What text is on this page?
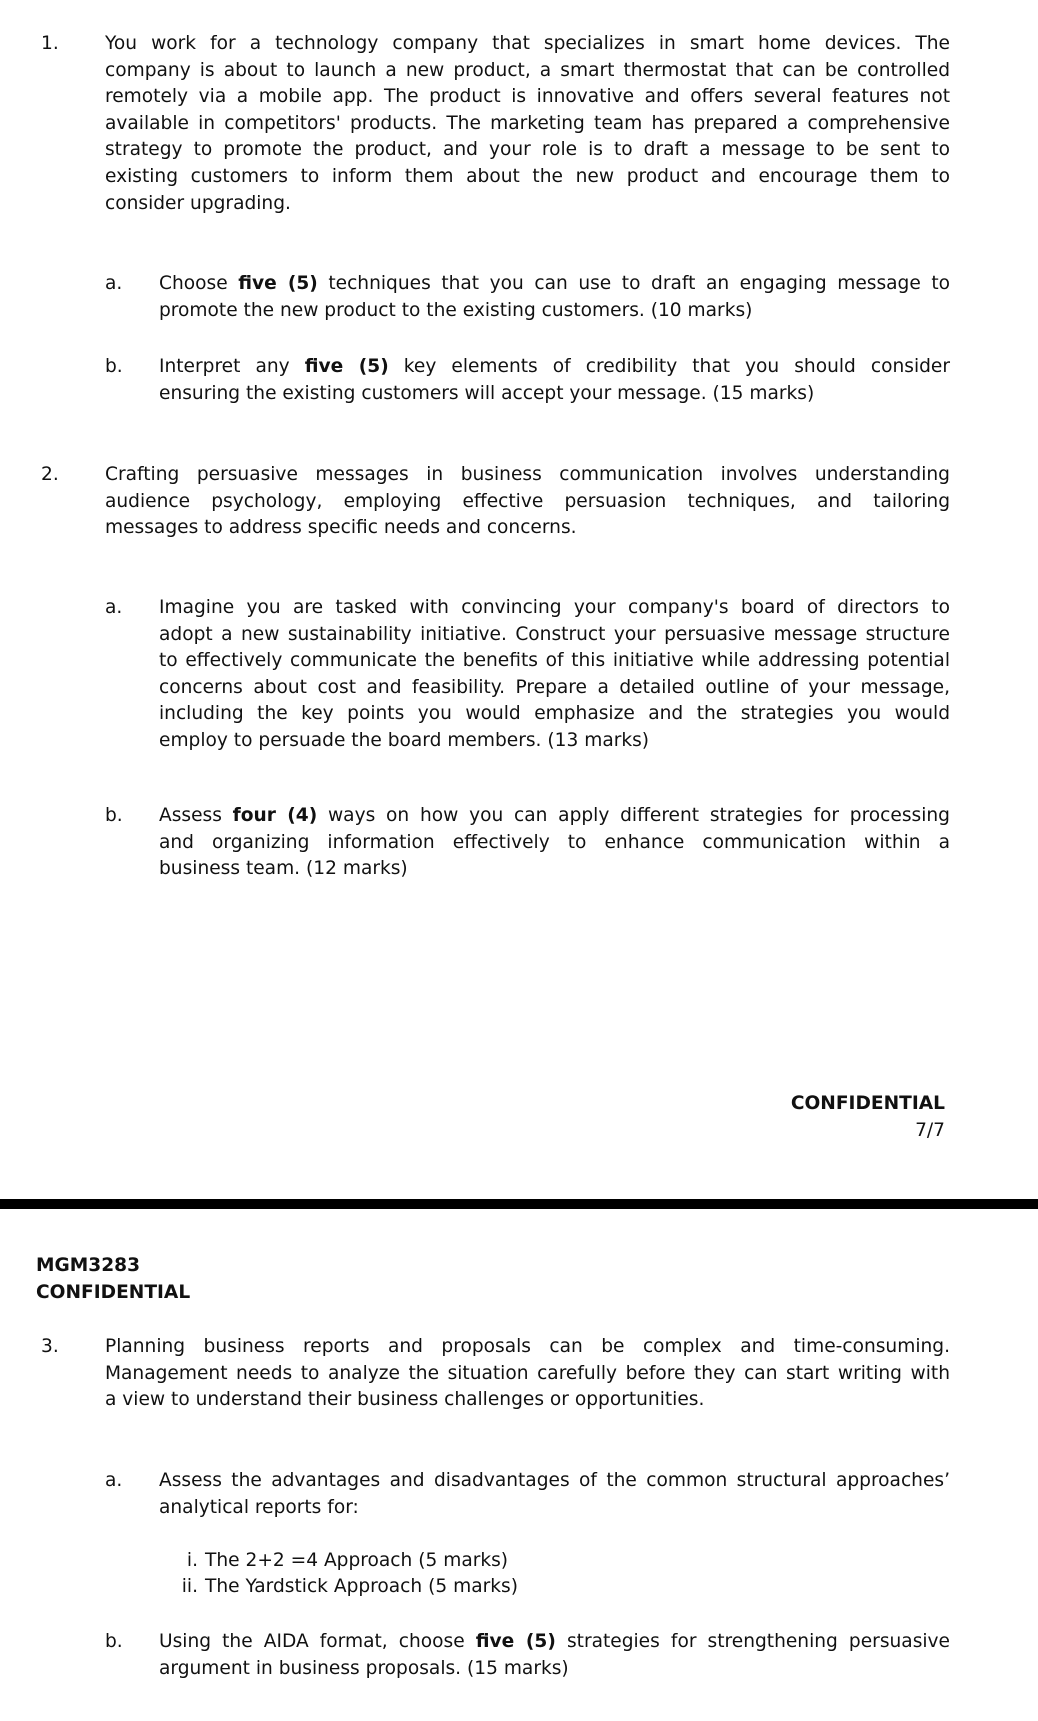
1. You work for a technology company that specializes in smart home devices. The
company is about to launch a new product, a smart thermostat that can be controlled
remotely via a mobile app. The product is innovative and offers several features not
available in competitors' products. The marketing team has prepared a comprehensive
strategy to promote the product, and your role is to draft a message to be sent to
existing customers to inform them about the new product and encourage them to
consider upgrading.
a. Choose five (5) techniques that you can use to draft an engaging message to
promote the new product to the existing customers. (10 marks)
b. Interpret any five (5) key elements of credibility that you should consider
ensuring the existing customers will accept your message. (15 marks)
2. Crafting persuasive messages in business communication involves understanding
audience psychology, employing effective persuasion techniques, and tailoring
messages to address specific needs and concerns.
a. Imagine you are tasked with convincing your company's board of directors to
adopt a new sustainability initiative. Construct your persuasive message structure
to effectively communicate the benefits of this initiative while addressing potential
concerns about cost and feasibility. Prepare a detailed outline of your message,
including the key points you would emphasize and the strategies you would
employ to persuade the board members. (13 marks)
b. Assess four (4) ways on how you can apply different strategies for processing
and organizing information effectively to enhance communication within a
business team. (12 marks)
CONFIDENTIAL
7/7
MGM3283
CONFIDENTIAL
3. Planning business reports and proposals can be complex and time-consuming.
Management needs to analyze the situation carefully before they can start writing with
a view to understand their business challenges or opportunities.
a. Assess the advantages and disadvantages of the common structural approaches’
analytical reports for:
i. The 2+2 =4 Approach (5 marks)
ii. The Yardstick Approach (5 marks)
b. Using the AIDA format, choose five (5) strategies for strengthening persuasive
argument in business proposals. (15 marks)
